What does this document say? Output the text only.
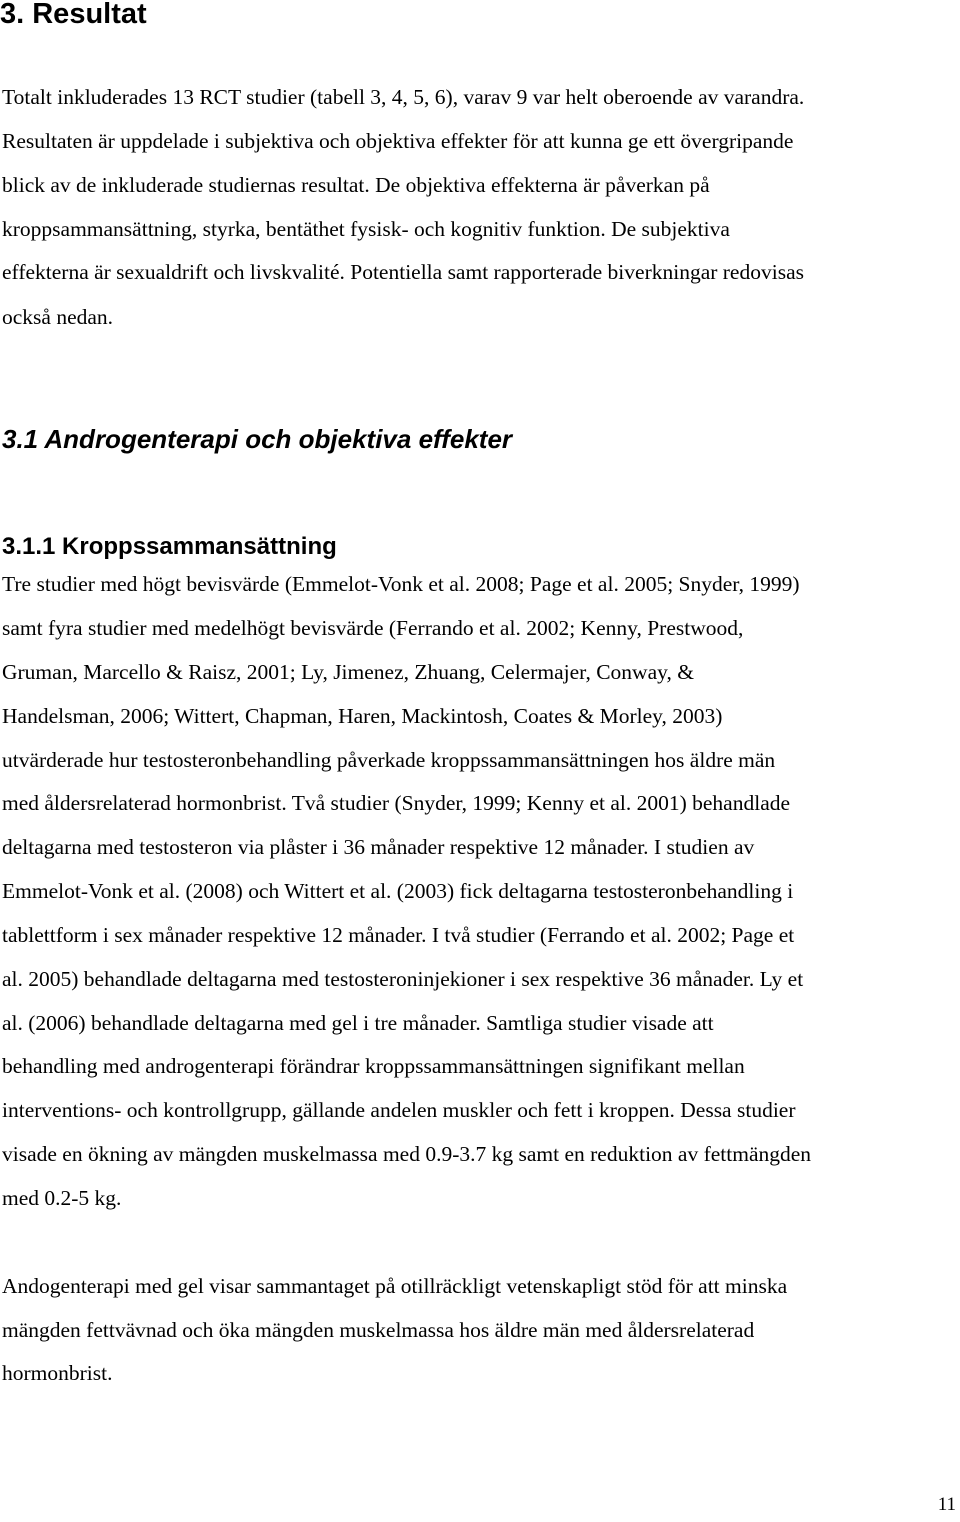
3. Resultat

Totalt inkluderades 13 RCT studier (tabell 3, 4, 5, 6), varav 9 var helt oberoende av varandra.

Resultaten är uppdelade i subjektiva och objektiva effekter för att kunna ge ett övergripande

blick av de inkluderade studiernas resultat. De objektiva effekterna är påverkan på

kroppsammansättning, styrka, bentäthet fysisk- och kognitiv funktion. De subjektiva

effekterna är sexualdrift och livskvalité. Potentiella samt rapporterade biverkningar redovisas

också nedan.

3.1 Androgenterapi och objektiva effekter
3.1.1 Kroppssammansättning

Tre studier med högt bevisvärde (Emmelot-Vonk et al. 2008; Page et al. 2005; Snyder, 1999)

samt fyra studier med medelhögt bevisvärde (Ferrando et al. 2002; Kenny, Prestwood,

Gruman, Marcello & Raisz, 2001; Ly, Jimenez, Zhuang, Celermajer, Conway, &

Handelsman, 2006; Wittert, Chapman, Haren, Mackintosh, Coates & Morley, 2003)

utvärderade hur testosteronbehandling påverkade kroppssammansättningen hos äldre män

med åldersrelaterad hormonbrist. Två studier (Snyder, 1999; Kenny et al. 2001) behandlade

deltagarna med testosteron via plåster i 36 månader respektive 12 månader. I studien av

Emmelot-Vonk et al. (2008) och Wittert et al. (2003) fick deltagarna testosteronbehandling i

tablettform i sex månader respektive 12 månader. I två studier (Ferrando et al. 2002; Page et

al. 2005) behandlade deltagarna med testosteroninjekioner i sex respektive 36 månader. Ly et

al. (2006) behandlade deltagarna med gel i tre månader. Samtliga studier visade att

behandling med androgenterapi förändrar kroppssammansättningen signifikant mellan

interventions- och kontrollgrupp, gällande andelen muskler och fett i kroppen. Dessa studier

visade en ökning av mängden muskelmassa med 0.9-3.7 kg samt en reduktion av fettmängden

med 0.2-5 kg.

Andogenterapi med gel visar sammantaget på otillräckligt vetenskapligt stöd för att minska

mängden fettvävnad och öka mängden muskelmassa hos äldre män med åldersrelaterad

hormonbrist.

11
